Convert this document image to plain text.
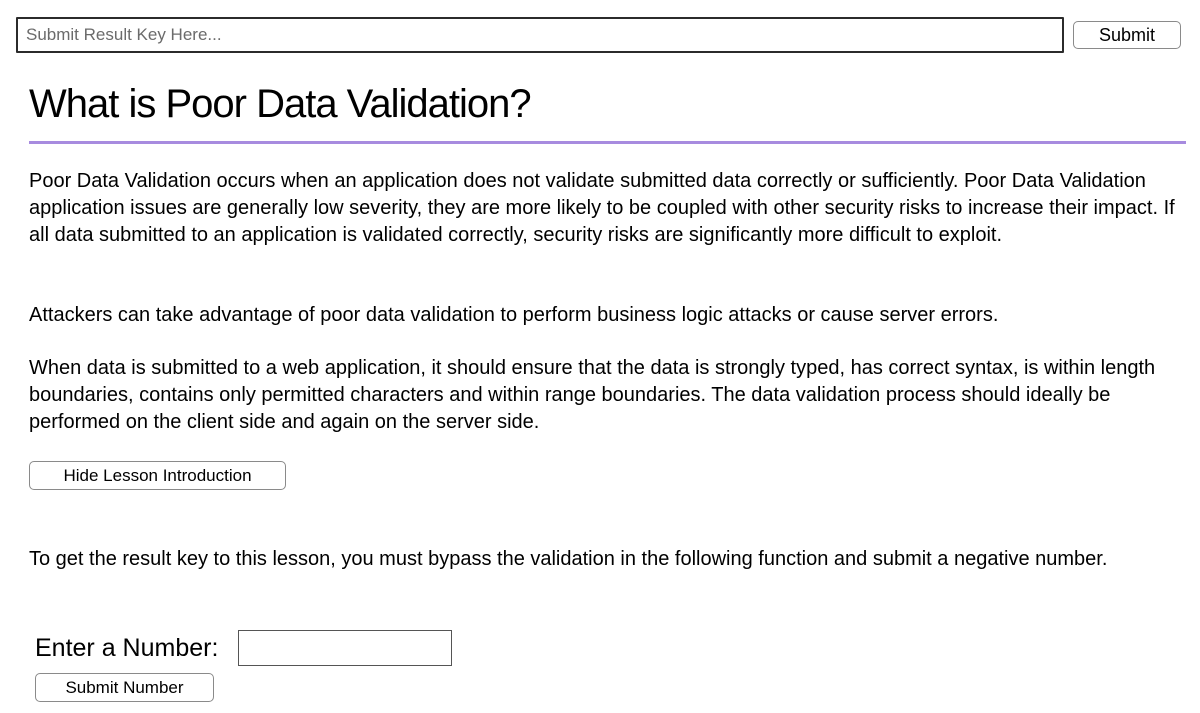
Submit Result Key Here...
Submit
What is Poor Data Validation?

Poor Data Validation occurs when an application does not validate submitted data correctly or sufficiently. Poor Data Validation application issues are generally low severity, they are more likely to be coupled with other security risks to increase their impact. If all data submitted to an application is validated correctly, security risks are significantly more difficult to exploit.

Attackers can take advantage of poor data validation to perform business logic attacks or cause server errors.

When data is submitted to a web application, it should ensure that the data is strongly typed, has correct syntax, is within length boundaries, contains only permitted characters and within range boundaries. The data validation process should ideally be performed on the client side and again on the server side.

Hide Lesson Introduction

To get the result key to this lesson, you must bypass the validation in the following function and submit a negative number.

Enter a Number:
Submit Number
